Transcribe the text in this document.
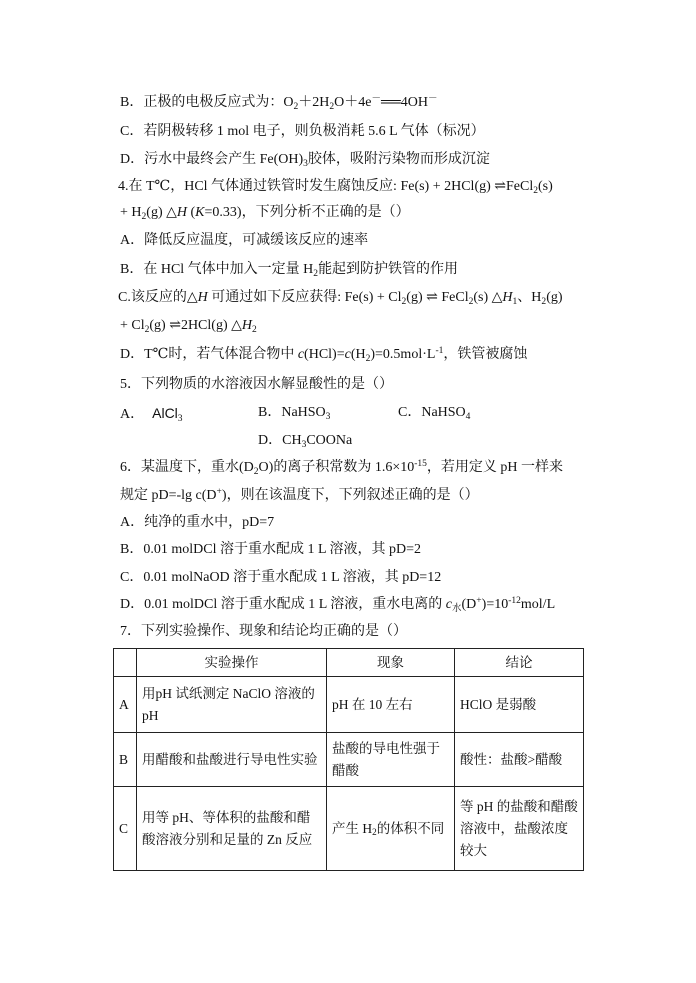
B．正极的电极反应式为：$O_2+2H_2O+4e^-══4OH^-$
C．若阴极转移 1 mol 电子，则负极消耗 5.6 L 气体（标况）
D．污水中最终会产生 $Fe(OH)_3$胶体，吸附污染物而形成沉淀
4.在 T℃，HCl 气体通过铁管时发生腐蚀反应: Fe(s) + 2HCl(g) ⇌FeCl$_2$(s)
+ $H_2(g)$ △H (K=0.33)，下列分析不正确的是（）
A．降低反应温度，可减缓该反应的速率
B．在 HCl 气体中加入一定量 $H_2$能起到防护铁管的作用
C.该反应的△H 可通过如下反应获得: $Fe(s) + Cl_2(g)$ ⇌ FeCl$_2$(s) $\triangle H_1$、$H_2(g)$
+ $Cl_2(g)$ ⇌2HCl(g) $\triangle H_2$
D．T℃时，若气体混合物中 $c(HCl)=c(H_2)=0.5mol\cdot L^{-1}$，铁管被腐蚀
5．下列物质的水溶液因水解显酸性的是（）
A． AlCl$_3$	B．NaHSO$_3$	C．NaHSO$_4$
D．$CH_3COONa$
6．某温度下，重水$(D_2O)$的离子积常数为 $1.6\times 10^{-15}$，若用定义 pH 一样来
规定 pD=-lg c(D+)，则在该温度下，下列叙述正确的是（）
A．纯净的重水中，pD=7
B．0.01 molDCl 溶于重水配成 1 L 溶液，其 pD=2
C．0.01 molNaOD 溶于重水配成 1 L 溶液，其 pD=12
D．0.01 molDCl 溶于重水配成 1 L 溶液，重水电离的 $c_水(D^+)=10^{-12}mol/L$
7．下列实验操作、现象和结论均正确的是（）
	实验操作	现象	结论
A	用pH 试纸测定 NaClO 溶液的 pH	pH 在 10 左右	HClO 是弱酸
B	用醋酸和盐酸进行导电性实验	盐酸的导电性强于醋酸	酸性：盐酸>醋酸
C	用等 pH、等体积的盐酸和醋酸溶液分别和足量的 Zn 反应	产生 $H_2$的体积不同	等 pH 的盐酸和醋酸溶液中，盐酸浓度较大
